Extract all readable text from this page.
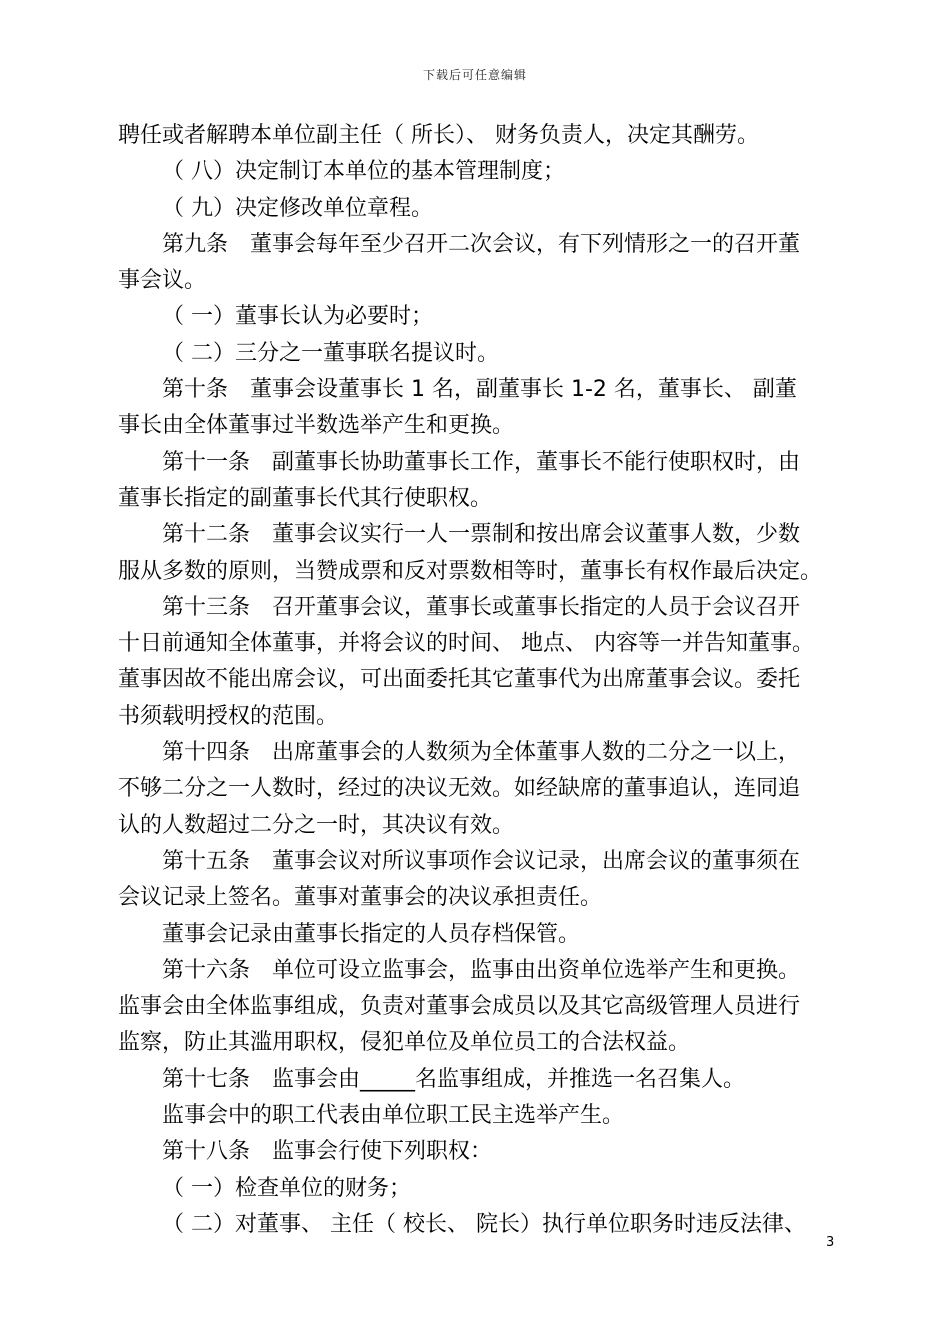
下载后可任意编辑
聘任或者解聘本单位副主任（ 所长）、 财务负责人，决定其酬劳。
（ 八）决定制订本单位的基本管理制度；
（ 九）决定修改单位章程。
第九条　董事会每年至少召开二次会议，有下列情形之一的召开董
事会议。
（ 一）董事长认为必要时；
（ 二）三分之一董事联名提议时。
第十条　董事会设董事长 1 名，副董事长 1-2 名，董事长、 副董
事长由全体董事过半数选举产生和更换。
第十一条　副董事长协助董事长工作，董事长不能行使职权时，由
董事长指定的副董事长代其行使职权。
第十二条　董事会议实行一人一票制和按出席会议董事人数，少数
服从多数的原则，当赞成票和反对票数相等时，董事长有权作最后决定。
第十三条　召开董事会议，董事长或董事长指定的人员于会议召开
十日前通知全体董事，并将会议的时间、 地点、 内容等一并告知董事。
董事因故不能出席会议，可出面委托其它董事代为出席董事会议。委托
书须载明授权的范围。
第十四条　出席董事会的人数须为全体董事人数的二分之一以上，
不够二分之一人数时，经过的决议无效。如经缺席的董事追认，连同追
认的人数超过二分之一时，其决议有效。
第十五条　董事会议对所议事项作会议记录，出席会议的董事须在
会议记录上签名。董事对董事会的决议承担责任。
董事会记录由董事长指定的人员存档保管。
第十六条　单位可设立监事会，监事由出资单位选举产生和更换。
监事会由全体监事组成，负责对董事会成员以及其它高级管理人员进行
监察，防止其滥用职权，侵犯单位及单位员工的合法权益。
第十七条　监事会由_____名监事组成，并推选一名召集人。
监事会中的职工代表由单位职工民主选举产生。
第十八条　监事会行使下列职权：
（ 一）检查单位的财务；
（ 二）对董事、 主任（ 校长、 院长）执行单位职务时违反法律、
3
